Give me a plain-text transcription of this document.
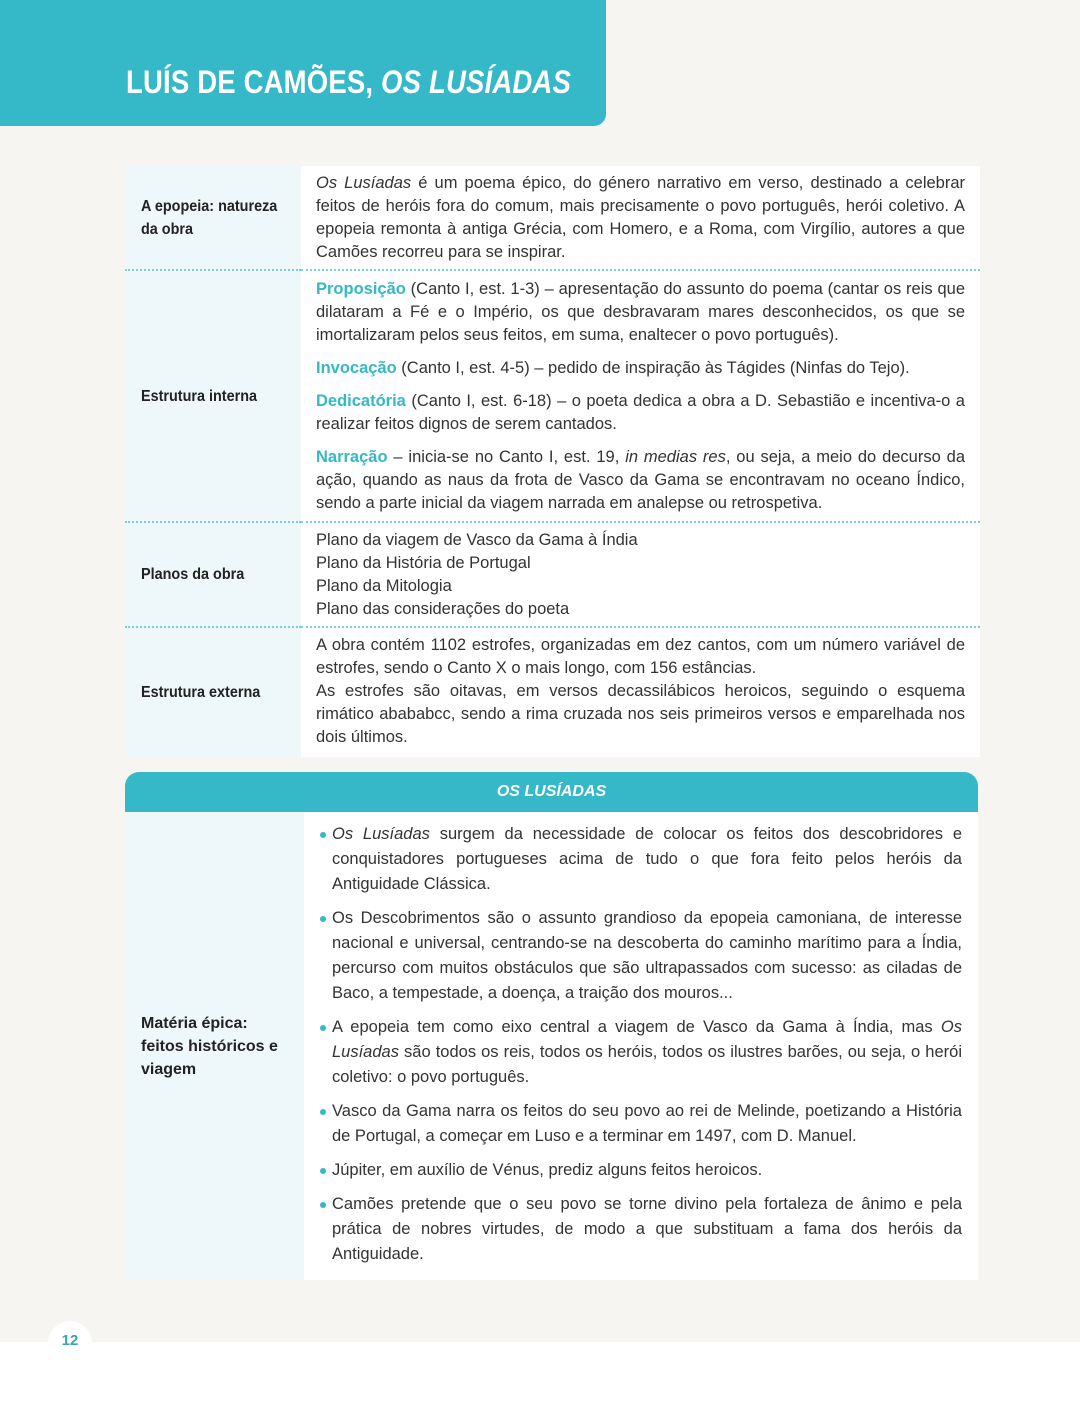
LUÍS DE CAMÕES, OS LUSÍADAS
A epopeia: natureza da obra	Os Lusíadas é um poema épico, do género narrativo em verso, destinado a celebrar feitos de heróis fora do comum, mais precisamente o povo português, herói coletivo. A epopeia remonta à antiga Grécia, com Homero, e a Roma, com Virgílio, autores a que Camões recorreu para se inspirar.
Estrutura interna	Proposição (Canto I, est. 1-3) – apresentação do assunto do poema (cantar os reis que dilataram a Fé e o Império, os que desbravaram mares desconhecidos, os que se imortalizaram pelos seus feitos, em suma, enaltecer o povo português).
Invocação (Canto I, est. 4-5) – pedido de inspiração às Tágides (Ninfas do Tejo).
Dedicatória (Canto I, est. 6-18) – o poeta dedica a obra a D. Sebastião e incentiva-o a realizar feitos dignos de serem cantados.
Narração – inicia-se no Canto I, est. 19, in medias res, ou seja, a meio do decurso da ação, quando as naus da frota de Vasco da Gama se encontravam no oceano Índico, sendo a parte inicial da viagem narrada em analepse ou retrospetiva.

Planos da obra	Plano da viagem de Vasco da Gama à Índia
Plano da História de Portugal
Plano da Mitologia
Plano das considerações do poeta

Estrutura externa	A obra contém 1102 estrofes, organizadas em dez cantos, com um número variável de estrofes, sendo o Canto X o mais longo, com 156 estâncias.
As estrofes são oitavas, em versos decassilábicos heroicos, seguindo o esquema rimático abababcc, sendo a rima cruzada nos seis primeiros versos e emparelhada nos dois últimos.
OS LUSÍADAS
Matéria épica: feitos históricos e viagem
Os Lusíadas surgem da necessidade de colocar os feitos dos descobridores e conquistadores portugueses acima de tudo o que fora feito pelos heróis da Antiguidade Clássica.
Os Descobrimentos são o assunto grandioso da epopeia camoniana, de interesse nacional e universal, centrando-se na descoberta do caminho marítimo para a Índia, percurso com muitos obstáculos que são ultrapassados com sucesso: as ciladas de Baco, a tempestade, a doença, a traição dos mouros...
A epopeia tem como eixo central a viagem de Vasco da Gama à Índia, mas Os Lusíadas são todos os reis, todos os heróis, todos os ilustres barões, ou seja, o herói coletivo: o povo português.
Vasco da Gama narra os feitos do seu povo ao rei de Melinde, poetizando a História de Portugal, a começar em Luso e a terminar em 1497, com D. Manuel.
Júpiter, em auxílio de Vénus, prediz alguns feitos heroicos.
Camões pretende que o seu povo se torne divino pela fortaleza de ânimo e pela prática de nobres virtudes, de modo a que substituam a fama dos heróis da Antiguidade.
12
